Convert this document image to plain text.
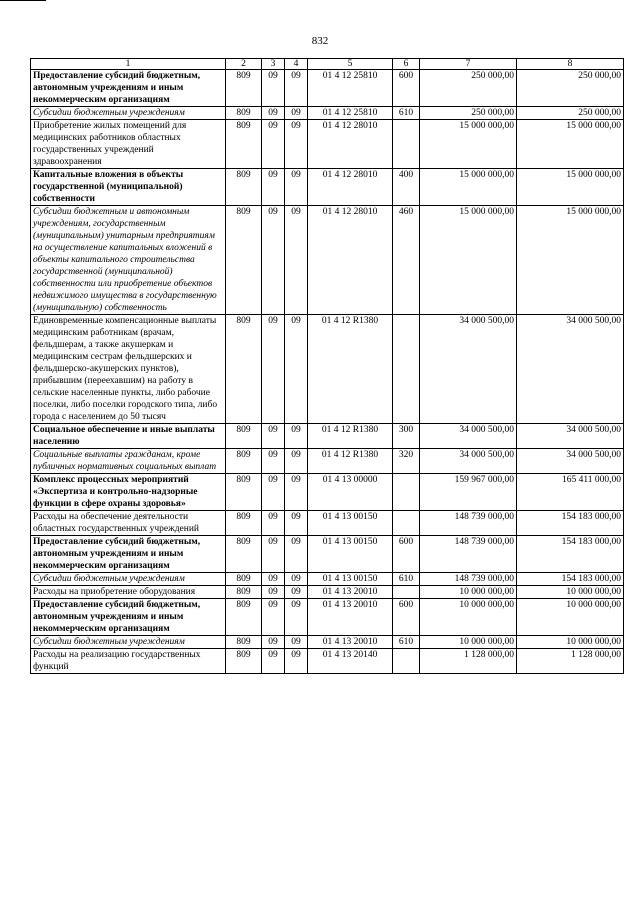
832
1	2	3	4	5	6	7	8
Предоставление субсидий бюджетным, автономным учреждениям и иным некоммерческим организациям	809	09	09	01 4 12 25810	600	250 000,00	250 000,00
Субсидии бюджетным учреждениям	809	09	09	01 4 12 25810	610	250 000,00	250 000,00
Приобретение жилых помещений для медицинских работников областных государственных учреждений здравоохранения	809	09	09	01 4 12 28010		15 000 000,00	15 000 000,00
Капитальные вложения в объекты государственной (муниципальной) собственности	809	09	09	01 4 12 28010	400	15 000 000,00	15 000 000,00
Субсидии бюджетным и автономным учреждениям, государственным (муниципальным) унитарным предприятиям на осуществление капитальных вложений в объекты капитального строительства государственной (муниципальной) собственности или приобретение объектов недвижимого имущества в государственную (муниципальную) собственность	809	09	09	01 4 12 28010	460	15 000 000,00	15 000 000,00
Единовременные компенсационные выплаты медицинским работникам (врачам, фельдшерам, а также акушеркам и медицинским сестрам фельдшерских и фельдшерско-акушерских пунктов), прибывшим (переехавшим) на работу в сельские населенные пункты, либо рабочие поселки, либо поселки городского типа, либо города с населением до 50 тысяч	809	09	09	01 4 12 R1380		34 000 500,00	34 000 500,00
Социальное обеспечение и иные выплаты населению	809	09	09	01 4 12 R1380	300	34 000 500,00	34 000 500,00
Социальные выплаты гражданам, кроме публичных нормативных социальных выплат	809	09	09	01 4 12 R1380	320	34 000 500,00	34 000 500,00
Комплекс процессных мероприятий «Экспертиза и контрольно-надзорные функции в сфере охраны здоровья»	809	09	09	01 4 13 00000		159 967 000,00	165 411 000,00
Расходы на обеспечение деятельности областных государственных учреждений	809	09	09	01 4 13 00150		148 739 000,00	154 183 000,00
Предоставление субсидий бюджетным, автономным учреждениям и иным некоммерческим организациям	809	09	09	01 4 13 00150	600	148 739 000,00	154 183 000,00
Субсидии бюджетным учреждениям	809	09	09	01 4 13 00150	610	148 739 000,00	154 183 000,00
Расходы на приобретение оборудования	809	09	09	01 4 13 20010		10 000 000,00	10 000 000,00
Предоставление субсидий бюджетным, автономным учреждениям и иным некоммерческим организациям	809	09	09	01 4 13 20010	600	10 000 000,00	10 000 000,00
Субсидии бюджетным учреждениям	809	09	09	01 4 13 20010	610	10 000 000,00	10 000 000,00
Расходы на реализацию государственных функций	809	09	09	01 4 13 20140		1 128 000,00	1 128 000,00
